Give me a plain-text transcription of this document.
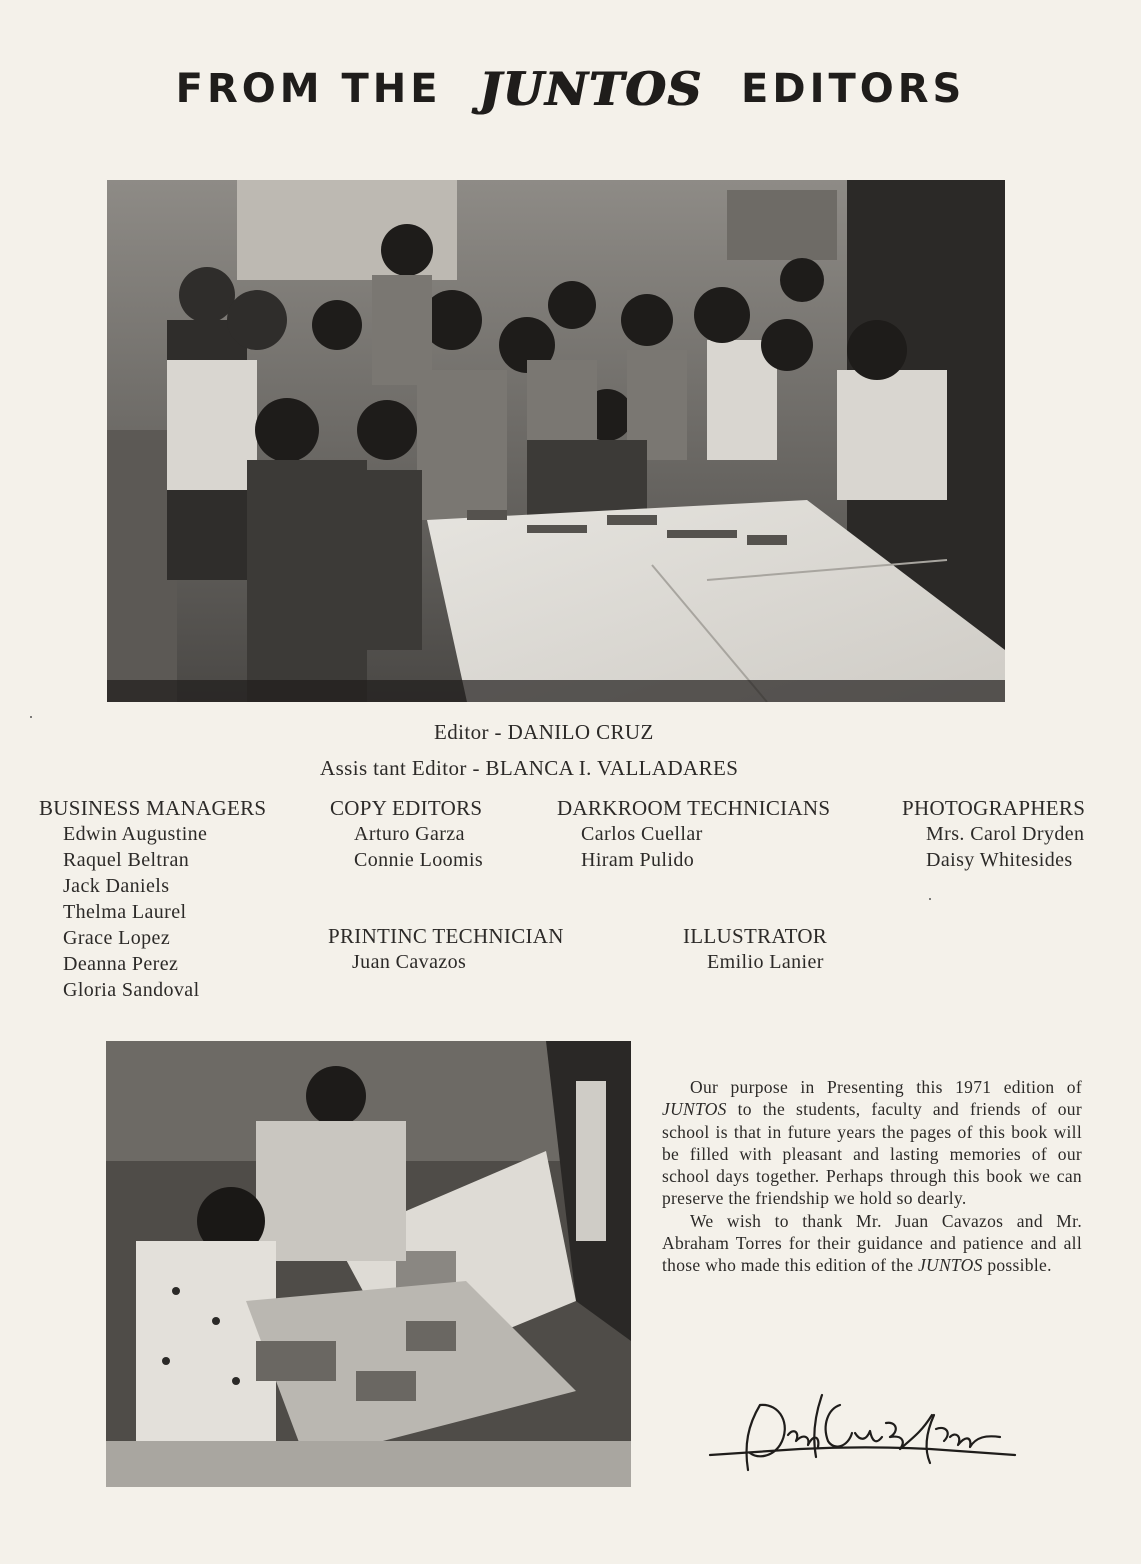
FROM THE JUNTOS EDITORS
Editor - DANILO CRUZ
Assis tant Editor - BLANCA I. VALLADARES
BUSINESS MANAGERS
Edwin Augustine
Raquel Beltran
Jack Daniels
Thelma Laurel
Grace Lopez
Deanna Perez
Gloria Sandoval
COPY EDITORS
Arturo Garza
Connie Loomis
DARKROOM TECHNICIANS
Carlos Cuellar
Hiram Pulido
PHOTOGRAPHERS
Mrs. Carol Dryden
Daisy Whitesides
PRINTINC TECHNICIAN
Juan Cavazos
ILLUSTRATOR
Emilio Lanier

Our purpose in Presenting this 1971 edition of JUNTOS to the students, faculty and friends of our school is that in future years the pages of this book will be filled with pleasant and lasting memories of our school days together. Perhaps through this book we can preserve the friendship we hold so dearly.

We wish to thank Mr. Juan Cavazos and Mr. Abraham Torres for their guidance and patience and all those who made this edition of the JUNTOS possible.
